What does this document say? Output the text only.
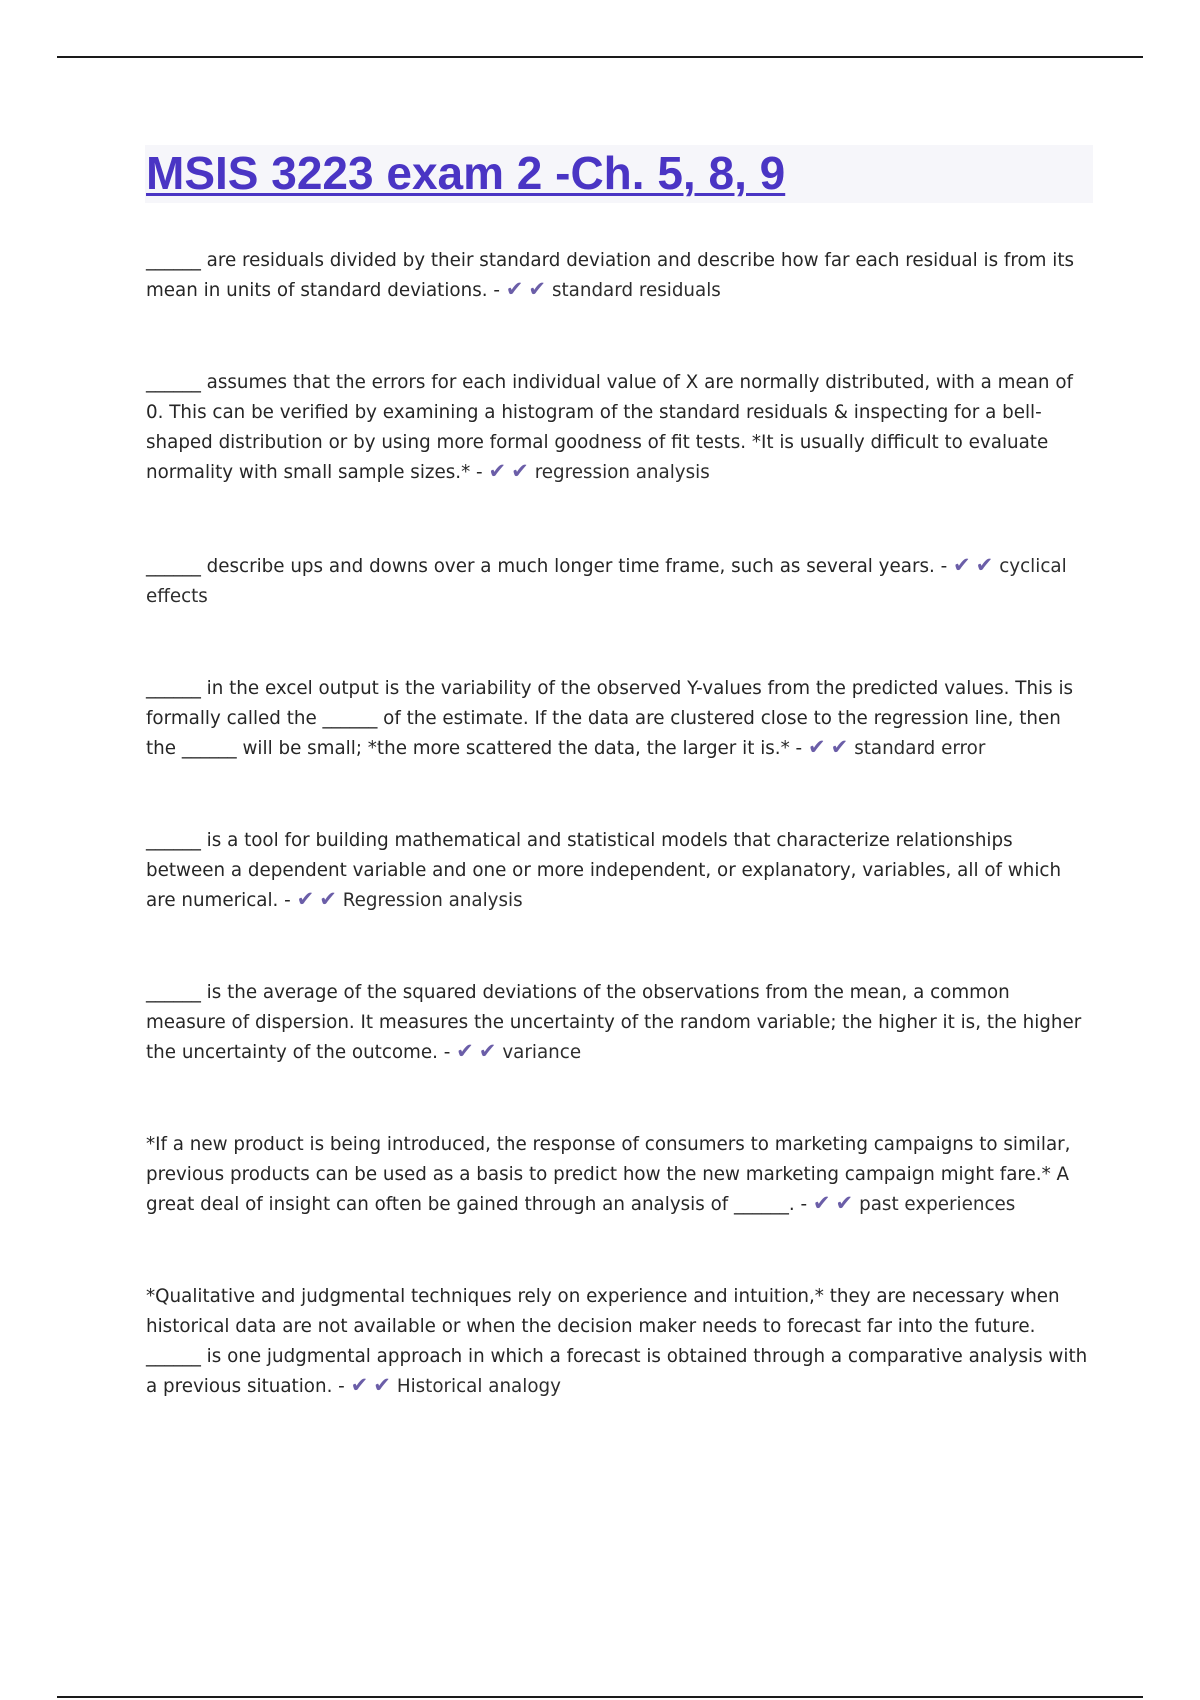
MSIS 3223 exam 2 -Ch. 5, 8, 9

______ are residuals divided by their standard deviation and describe how far each residual is from its mean in units of standard deviations. - ✔ ✔ standard residuals

______ assumes that the errors for each individual value of X are normally distributed, with a mean of 0. This can be verified by examining a histogram of the standard residuals & inspecting for a bell-shaped distribution or by using more formal goodness of fit tests. *It is usually difficult to evaluate normality with small sample sizes.* - ✔ ✔ regression analysis

______ describe ups and downs over a much longer time frame, such as several years. - ✔ ✔ cyclical effects

______ in the excel output is the variability of the observed Y-values from the predicted values. This is formally called the ______ of the estimate. If the data are clustered close to the regression line, then the ______ will be small; *the more scattered the data, the larger it is.* - ✔ ✔ standard error

______ is a tool for building mathematical and statistical models that characterize relationships between a dependent variable and one or more independent, or explanatory, variables, all of which are numerical. - ✔ ✔ Regression analysis

______ is the average of the squared deviations of the observations from the mean, a common measure of dispersion. It measures the uncertainty of the random variable; the higher it is, the higher the uncertainty of the outcome. - ✔ ✔ variance

*If a new product is being introduced, the response of consumers to marketing campaigns to similar, previous products can be used as a basis to predict how the new marketing campaign might fare.* A great deal of insight can often be gained through an analysis of ______. - ✔ ✔ past experiences

*Qualitative and judgmental techniques rely on experience and intuition,* they are necessary when historical data are not available or when the decision maker needs to forecast far into the future. ______ is one judgmental approach in which a forecast is obtained through a comparative analysis with a previous situation. - ✔ ✔ Historical analogy
